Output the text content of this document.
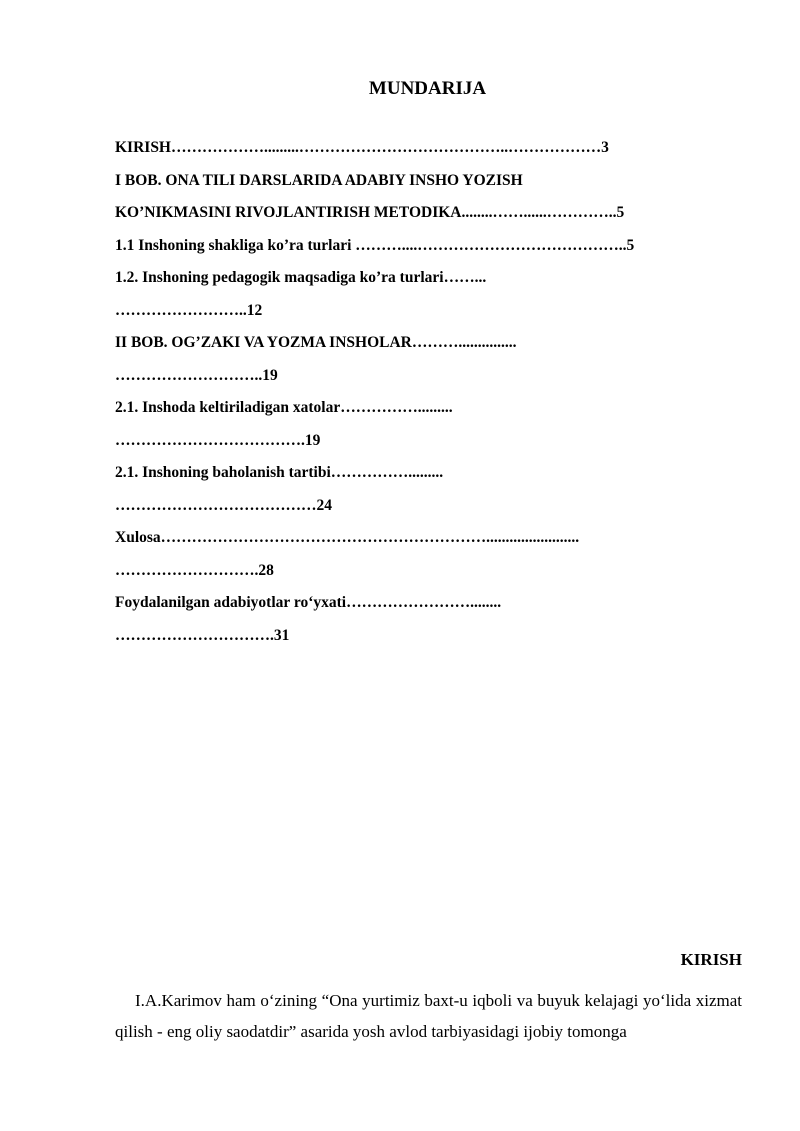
MUNDARIJA
KIRISH……………….........…………………………………..………………3
I BOB. ONA TILI DARSLARIDA ADABIY INSHO YOZISH
KO’NIKMASINI RIVOJLANTIRISH METODIKA........……......…………..5
1.1 Inshoning shakliga ko’ra turlari ………....…………………………………..5
1.2. Inshoning pedagogik maqsadiga ko’ra turlari……...
……………………..12
II BOB. OG’ZAKI VA YOZMA INSHOLAR………...............
………………………..19
2.1. Inshoda keltiriladigan xatolar…………….........
……………………………….19
2.1. Inshoning baholanish tartibi…………….........
…………………………………24
Xulosa………………………………………………………........................
……………………….28
Foydalanilgan adabiyotlar ro‘yxati……………………........
………………………….31
KIRISH
I.A.Karimov ham o‘zining “Ona yurtimiz baxt-u iqboli va buyuk kelajagi yo‘lida xizmat qilish - eng oliy saodatdir” asarida yosh avlod tarbiyasidagi ijobiy tomonga
